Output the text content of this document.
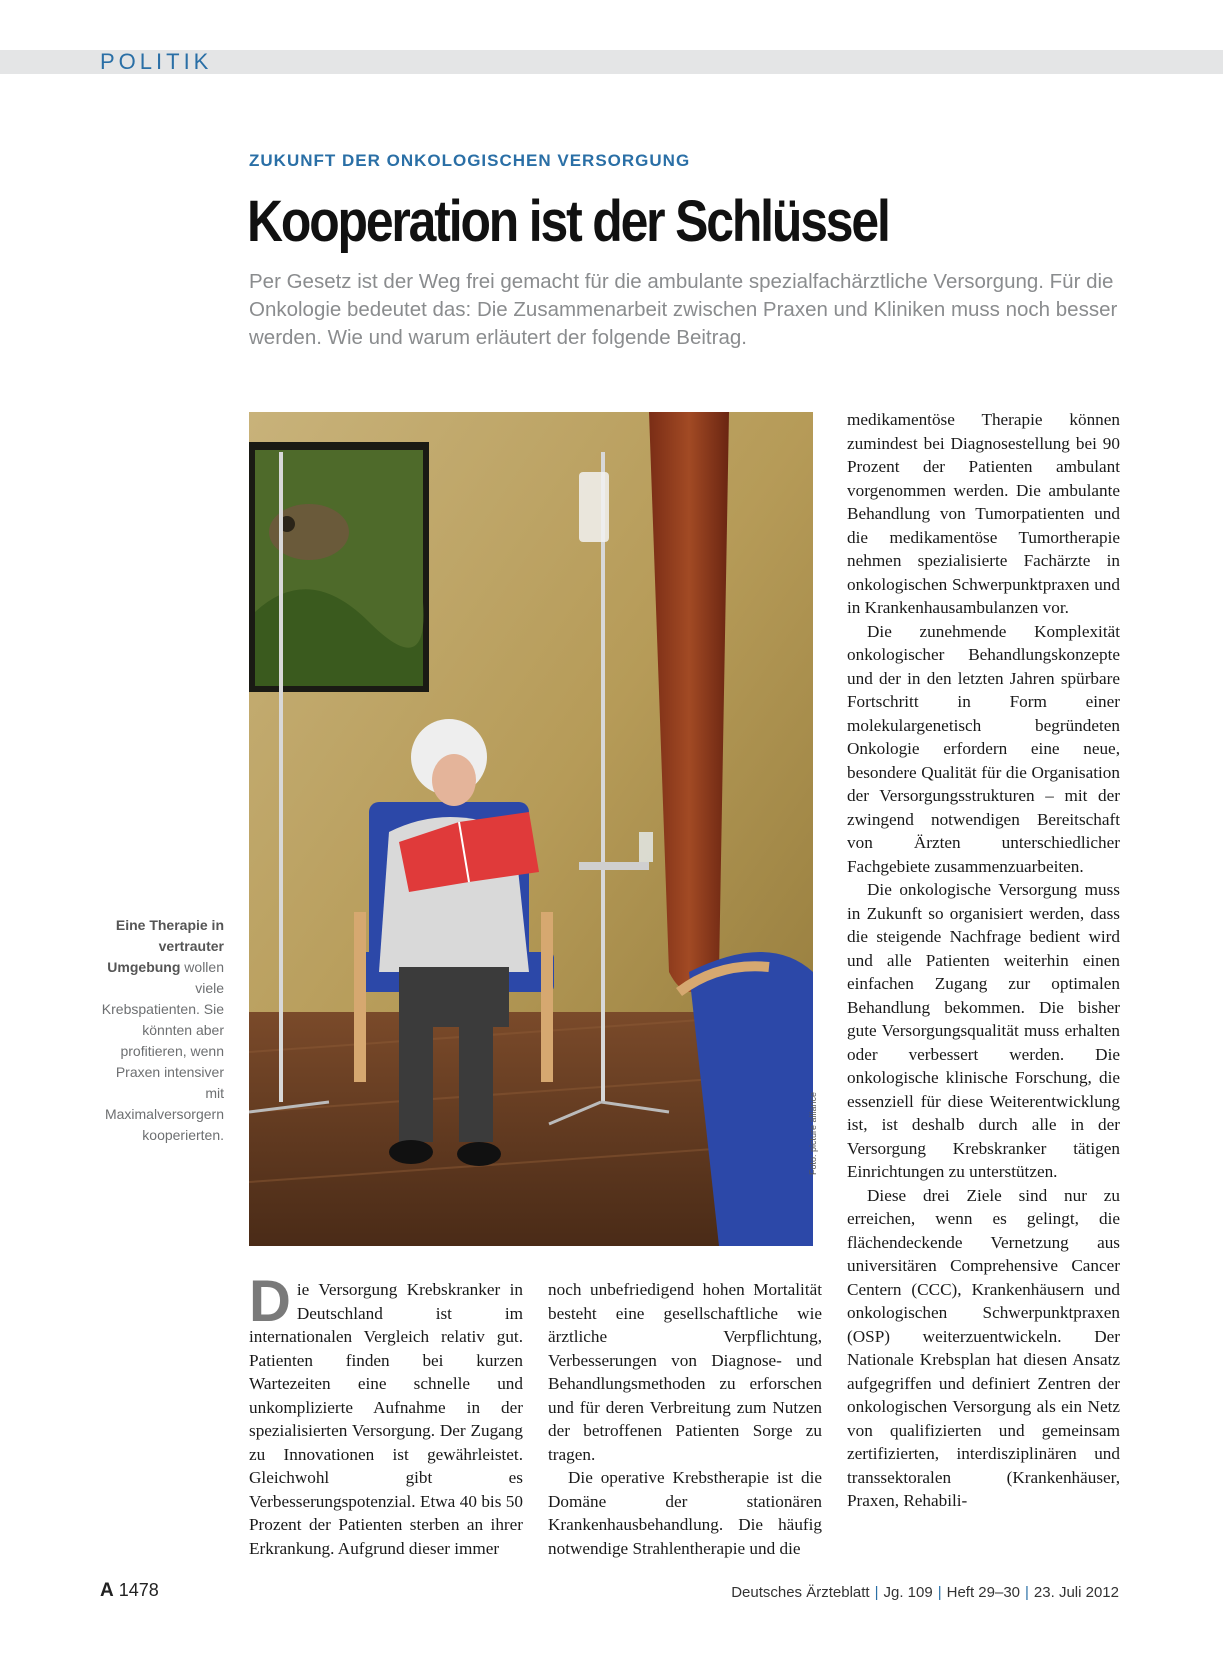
POLITIK
ZUKUNFT DER ONKOLOGISCHEN VERSORGUNG
Kooperation ist der Schlüssel

Per Gesetz ist der Weg frei gemacht für die ambulante spezialfachärztliche Versorgung. Für die Onkologie bedeutet das: Die Zusammenarbeit zwischen Praxen und Kliniken muss noch besser werden. Wie und warum erläutert der folgende Beitrag.

Foto: picture alliance

Eine Therapie in vertrauter Umgebung wollen viele Krebspatienten. Sie könnten aber profitieren, wenn Praxen intensiver mit Maximalversorgern kooperierten.

Die Versorgung Krebskranker in Deutschland ist im internationalen Vergleich relativ gut. Patienten finden bei kurzen Wartezeiten eine schnelle und unkomplizierte Aufnahme in der spezialisierten Versorgung. Der Zugang zu Innovationen ist gewährleistet. Gleichwohl gibt es Verbesserungspotenzial. Etwa 40 bis 50 Prozent der Patienten sterben an ihrer Erkrankung. Aufgrund dieser immer

noch unbefriedigend hohen Mortalität besteht eine gesellschaftliche wie ärztliche Verpflichtung, Verbesserungen von Diagnose- und Behandlungsmethoden zu erforschen und für deren Verbreitung zum Nutzen der betroffenen Patienten Sorge zu tragen.

Die operative Krebstherapie ist die Domäne der stationären Krankenhausbehandlung. Die häufig notwendige Strahlentherapie und die

medikamentöse Therapie können zumindest bei Diagnosestellung bei 90 Prozent der Patienten ambulant vorgenommen werden. Die ambulante Behandlung von Tumorpatienten und die medikamentöse Tumortherapie nehmen spezialisierte Fachärzte in onkologischen Schwerpunktpraxen und in Krankenhausambulanzen vor.

Die zunehmende Komplexität onkologischer Behandlungskonzepte und der in den letzten Jahren spürbare Fortschritt in Form einer molekulargenetisch begründeten Onkologie erfordern eine neue, besondere Qualität für die Organisation der Versorgungsstrukturen – mit der zwingend notwendigen Bereitschaft von Ärzten unterschiedlicher Fachgebiete zusammenzuarbeiten.

Die onkologische Versorgung muss in Zukunft so organisiert werden, dass die steigende Nachfrage bedient wird und alle Patienten weiterhin einen einfachen Zugang zur optimalen Behandlung bekommen. Die bisher gute Versorgungsqualität muss erhalten oder verbessert werden. Die onkologische klinische Forschung, die essenziell für diese Weiterentwicklung ist, ist deshalb durch alle in der Versorgung Krebskranker tätigen Einrichtungen zu unterstützen.

Diese drei Ziele sind nur zu erreichen, wenn es gelingt, die flächendeckende Vernetzung aus universitären Comprehensive Cancer Centern (CCC), Krankenhäusern und onkologischen Schwerpunktpraxen (OSP) weiterzuentwickeln. Der Nationale Krebsplan hat diesen Ansatz aufgegriffen und definiert Zentren der onkologischen Versorgung als ein Netz von qualifizierten und gemeinsam zertifizierten, interdisziplinären und transsektoralen (Krankenhäuser, Praxen, Rehabili-

A 1478	Deutsches Ärzteblatt | Jg. 109 | Heft 29–30 | 23. Juli 2012
